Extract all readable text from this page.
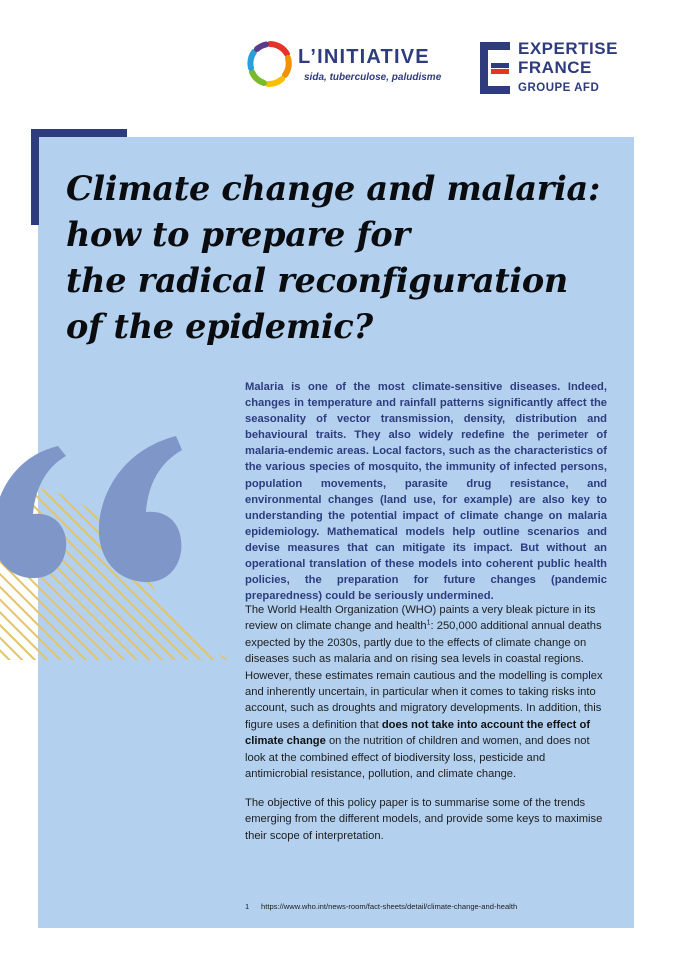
L’INITIATIVE
sida, tuberculose, paludisme
EXPERTISE
FRANCE
GROUPE AFD
Climate change and malaria:
how to prepare for
the radical reconfiguration
of the epidemic?

Malaria is one of the most climate-sensitive diseases. Indeed, changes in temperature and rainfall patterns significantly affect the seasonality of vector transmission, density, distribution and behavioural traits. They also widely redefine the perimeter of malaria-endemic areas. Local factors, such as the characteristics of the various species of mosquito, the immunity of infected persons, population movements, parasite drug resistance, and environmental changes (land use, for example) are also key to understanding the potential impact of climate change on malaria epidemiology. Mathematical models help outline scenarios and devise measures that can mitigate its impact. But without an operational translation of these models into coherent public health policies, the preparation for future changes (pandemic preparedness) could be seriously undermined.

The World Health Organization (WHO) paints a very bleak picture in its review on climate change and health$^1$: 250,000 additional annual deaths expected by the 2030s, partly due to the effects of climate change on diseases such as malaria and on rising sea levels in coastal regions. However, these estimates remain cautious and the modelling is complex and inherently uncertain, in particular when it comes to taking risks into account, such as droughts and migratory developments. In addition, this figure uses a definition that does not take into account the effect of climate change on the nutrition of children and women, and does not look at the combined effect of biodiversity loss, pesticide and antimicrobial resistance, pollution, and climate change.

The objective of this policy paper is to summarise some of the trends emerging from the different models, and provide some keys to maximise their scope of interpretation.

1 https://www.who.int/news-room/fact-sheets/detail/climate-change-and-health
